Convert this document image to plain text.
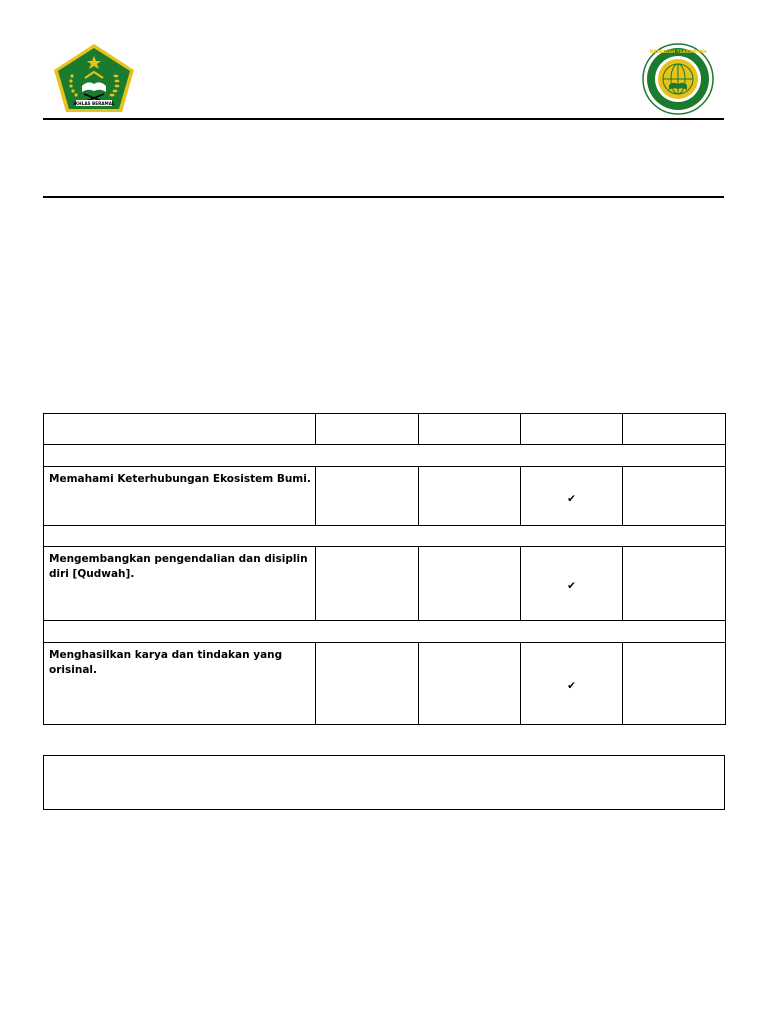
IKHLAS BERAMAL
MADRASAH TSANAWIYAH

Memahami Keterhubungan Ekosistem Bumi.			✔	

Mengembangkan pengendalian dan disiplin diri [Qudwah].			✔	

Menghasilkan karya dan tindakan yang orisinal.			✔	
